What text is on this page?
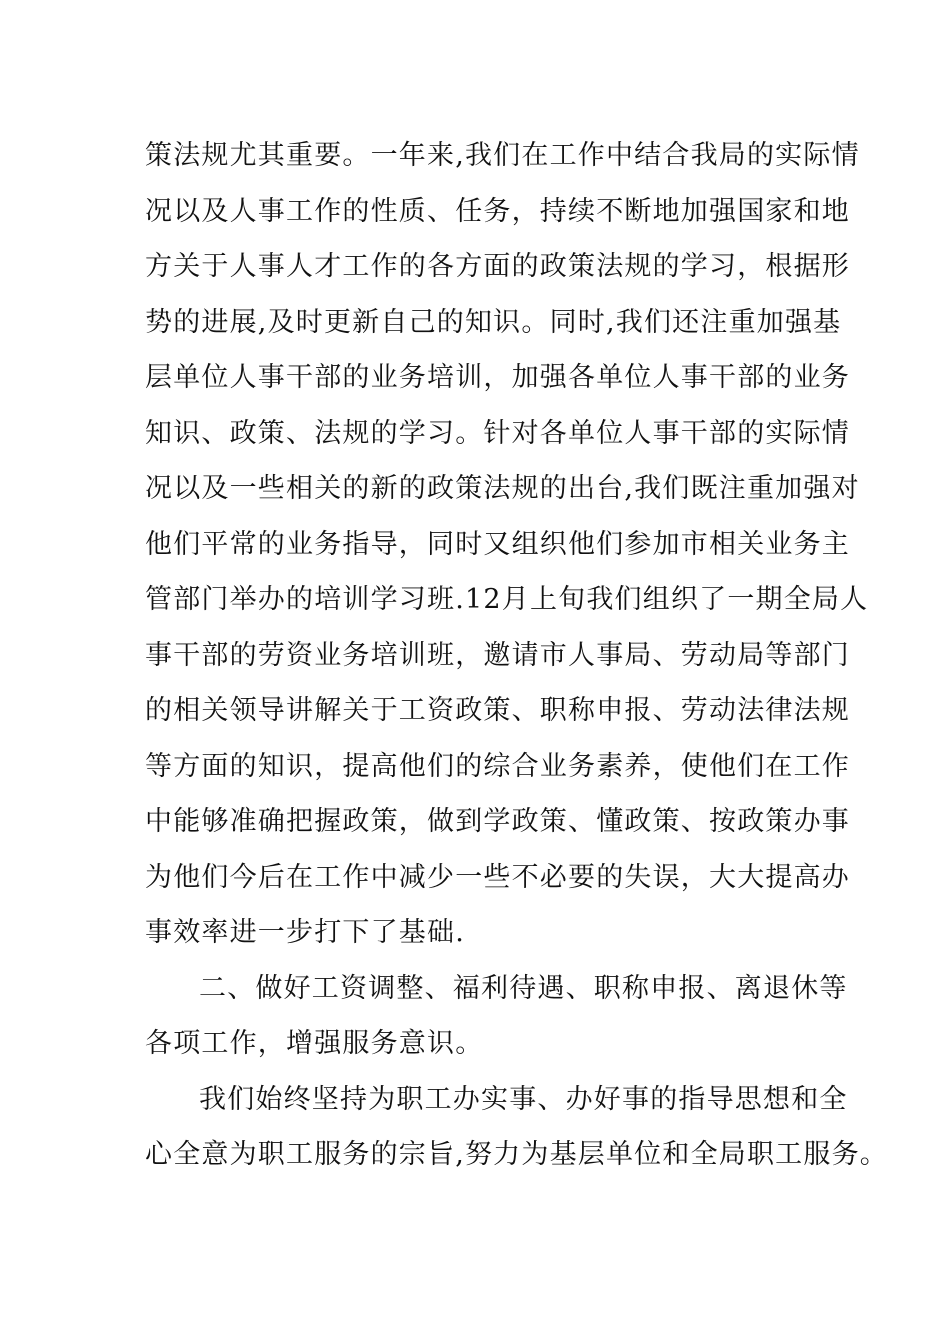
策法规尤其重要。一年来,我们在工作中结合我局的实际情
况以及人事工作的性质、任务，持续不断地加强国家和地
方关于人事人才工作的各方面的政策法规的学习，根据形
势的进展,及时更新自己的知识。同时,我们还注重加强基
层单位人事干部的业务培训，加强各单位人事干部的业务
知识、政策、法规的学习。针对各单位人事干部的实际情
况以及一些相关的新的政策法规的出台,我们既注重加强对
他们平常的业务指导，同时又组织他们参加市相关业务主
管部门举办的培训学习班.12月上旬我们组织了一期全局人
事干部的劳资业务培训班，邀请市人事局、劳动局等部门
的相关领导讲解关于工资政策、职称申报、劳动法律法规
等方面的知识，提高他们的综合业务素养，使他们在工作
中能够准确把握政策，做到学政策、懂政策、按政策办事
为他们今后在工作中减少一些不必要的失误，大大提高办
事效率进一步打下了基础.
二、做好工资调整、福利待遇、职称申报、离退休等
各项工作，增强服务意识。
我们始终坚持为职工办实事、办好事的指导思想和全
心全意为职工服务的宗旨,努力为基层单位和全局职工服务。
